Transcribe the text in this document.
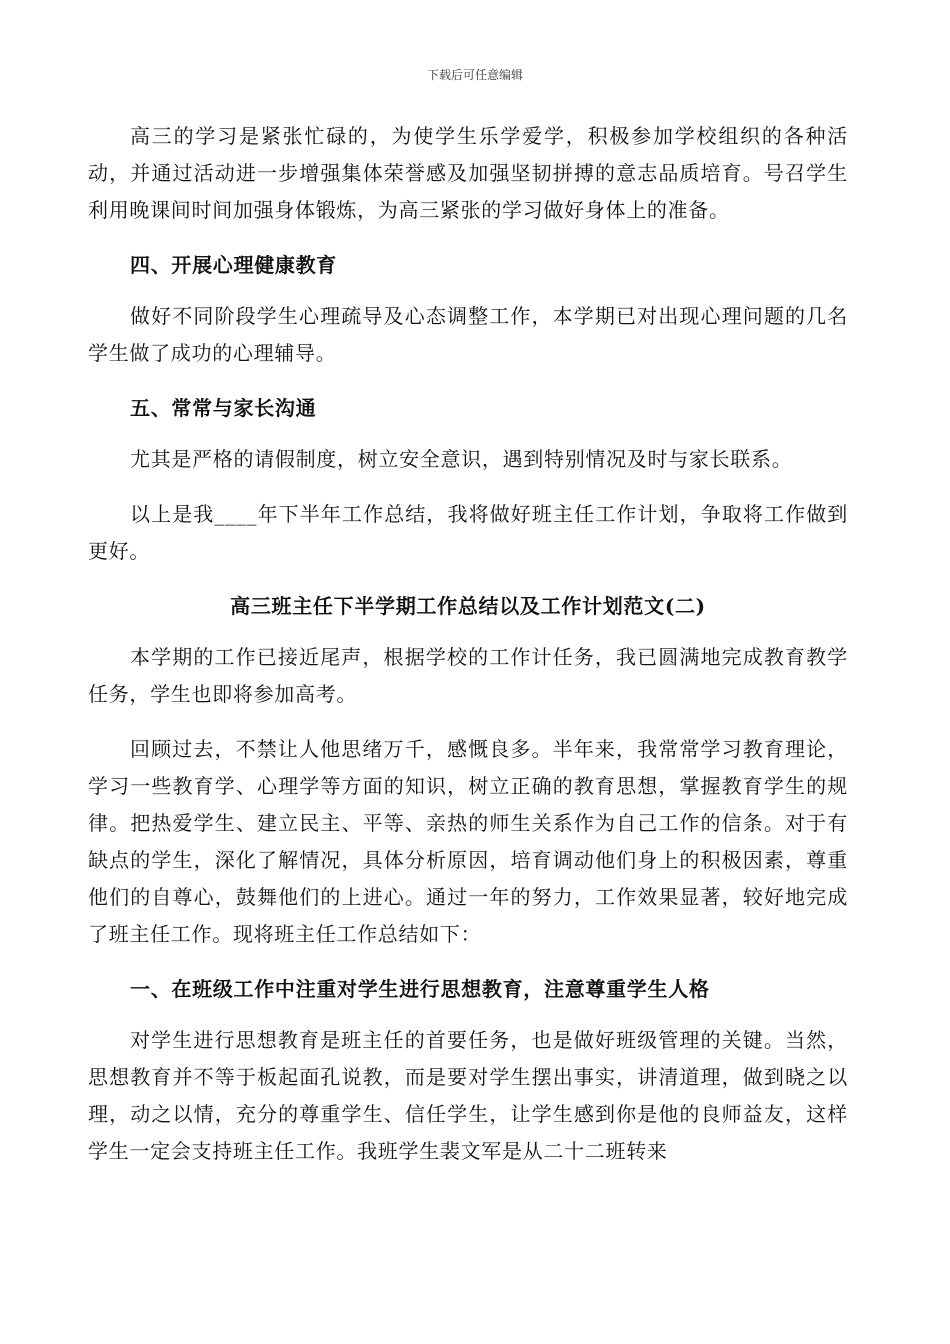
下载后可任意编辑

高三的学习是紧张忙碌的，为使学生乐学爱学，积极参加学校组织的各种活动，并通过活动进一步增强集体荣誉感及加强坚韧拼搏的意志品质培育。号召学生利用晚课间时间加强身体锻炼，为高三紧张的学习做好身体上的准备。

四、开展心理健康教育

做好不同阶段学生心理疏导及心态调整工作，本学期已对出现心理问题的几名学生做了成功的心理辅导。

五、常常与家长沟通

尤其是严格的请假制度，树立安全意识，遇到特别情况及时与家长联系。

以上是我____年下半年工作总结，我将做好班主任工作计划，争取将工作做到更好。

高三班主任下半学期工作总结以及工作计划范文(二)

本学期的工作已接近尾声，根据学校的工作计任务，我已圆满地完成教育教学任务，学生也即将参加高考。

回顾过去，不禁让人他思绪万千，感慨良多。半年来，我常常学习教育理论，学习一些教育学、心理学等方面的知识，树立正确的教育思想，掌握教育学生的规律。把热爱学生、建立民主、平等、亲热的师生关系作为自己工作的信条。对于有缺点的学生，深化了解情况，具体分析原因，培育调动他们身上的积极因素，尊重他们的自尊心，鼓舞他们的上进心。通过一年的努力，工作效果显著，较好地完成了班主任工作。现将班主任工作总结如下：

一、在班级工作中注重对学生进行思想教育，注意尊重学生人格

对学生进行思想教育是班主任的首要任务，也是做好班级管理的关键。当然，思想教育并不等于板起面孔说教，而是要对学生摆出事实，讲清道理，做到晓之以理，动之以情，充分的尊重学生、信任学生，让学生感到你是他的良师益友，这样学生一定会支持班主任工作。我班学生裴文军是从二十二班转来
